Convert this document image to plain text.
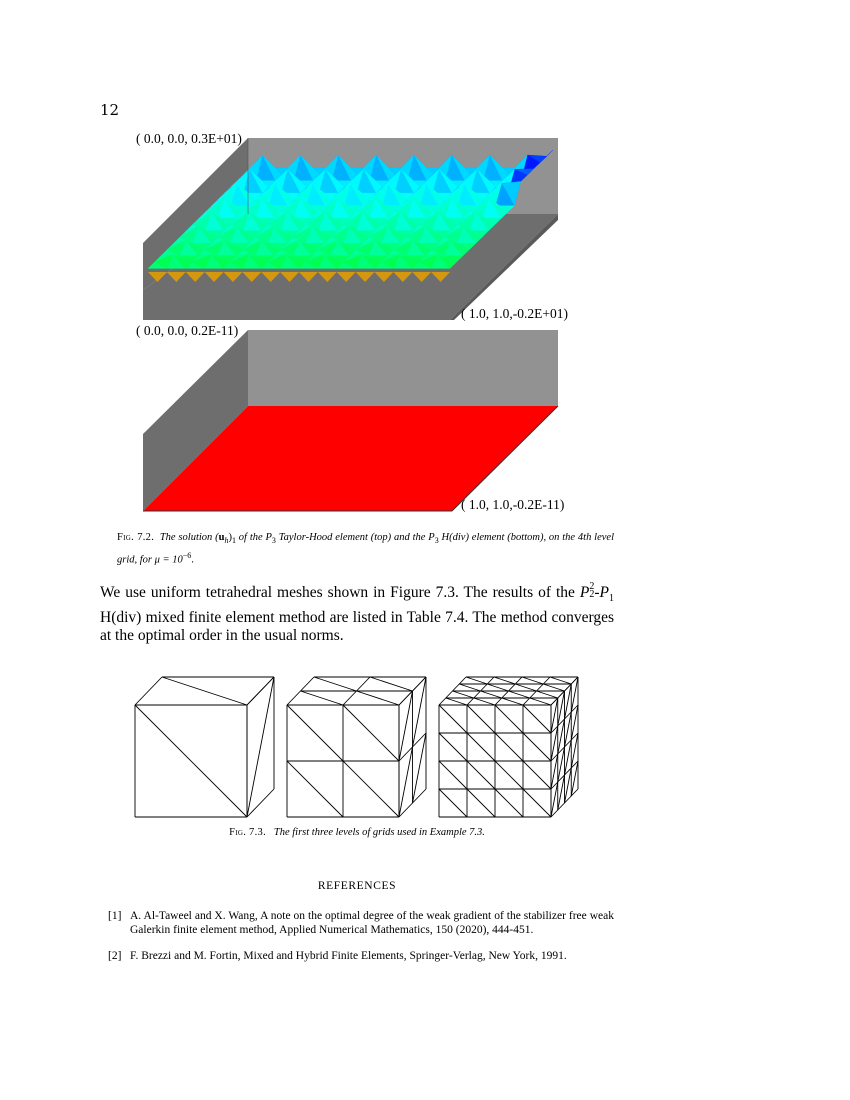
12
( 0.0, 0.0, 0.3E+01)
( 1.0, 1.0,-0.2E+01)
( 0.0, 0.0, 0.2E-11)
( 1.0, 1.0,-0.2E-11)
Fig. 7.2. The solution $(u_h)_1$ of the $P_3$ Taylor-Hood element (top) and the $P_3$ H(div) element (bottom), on the 4th level grid, for $\mu = 10^{-6}$.
We use uniform tetrahedral meshes shown in Figure 7.3. The results of the P 2
2 $-P_1$ H(div) mixed finite element method are listed in Table 7.4. The method converges at the optimal order in the usual norms.
Fig. 7.3. The first three levels of grids used in Example 7.3.
REFERENCES
[1] A. Al-Taweel and X. Wang, A note on the optimal degree of the weak gradient of the stabilizer free weak Galerkin finite element method, Applied Numerical Mathematics, 150 (2020), 444-451.
[2] F. Brezzi and M. Fortin, Mixed and Hybrid Finite Elements, Springer-Verlag, New York, 1991.
